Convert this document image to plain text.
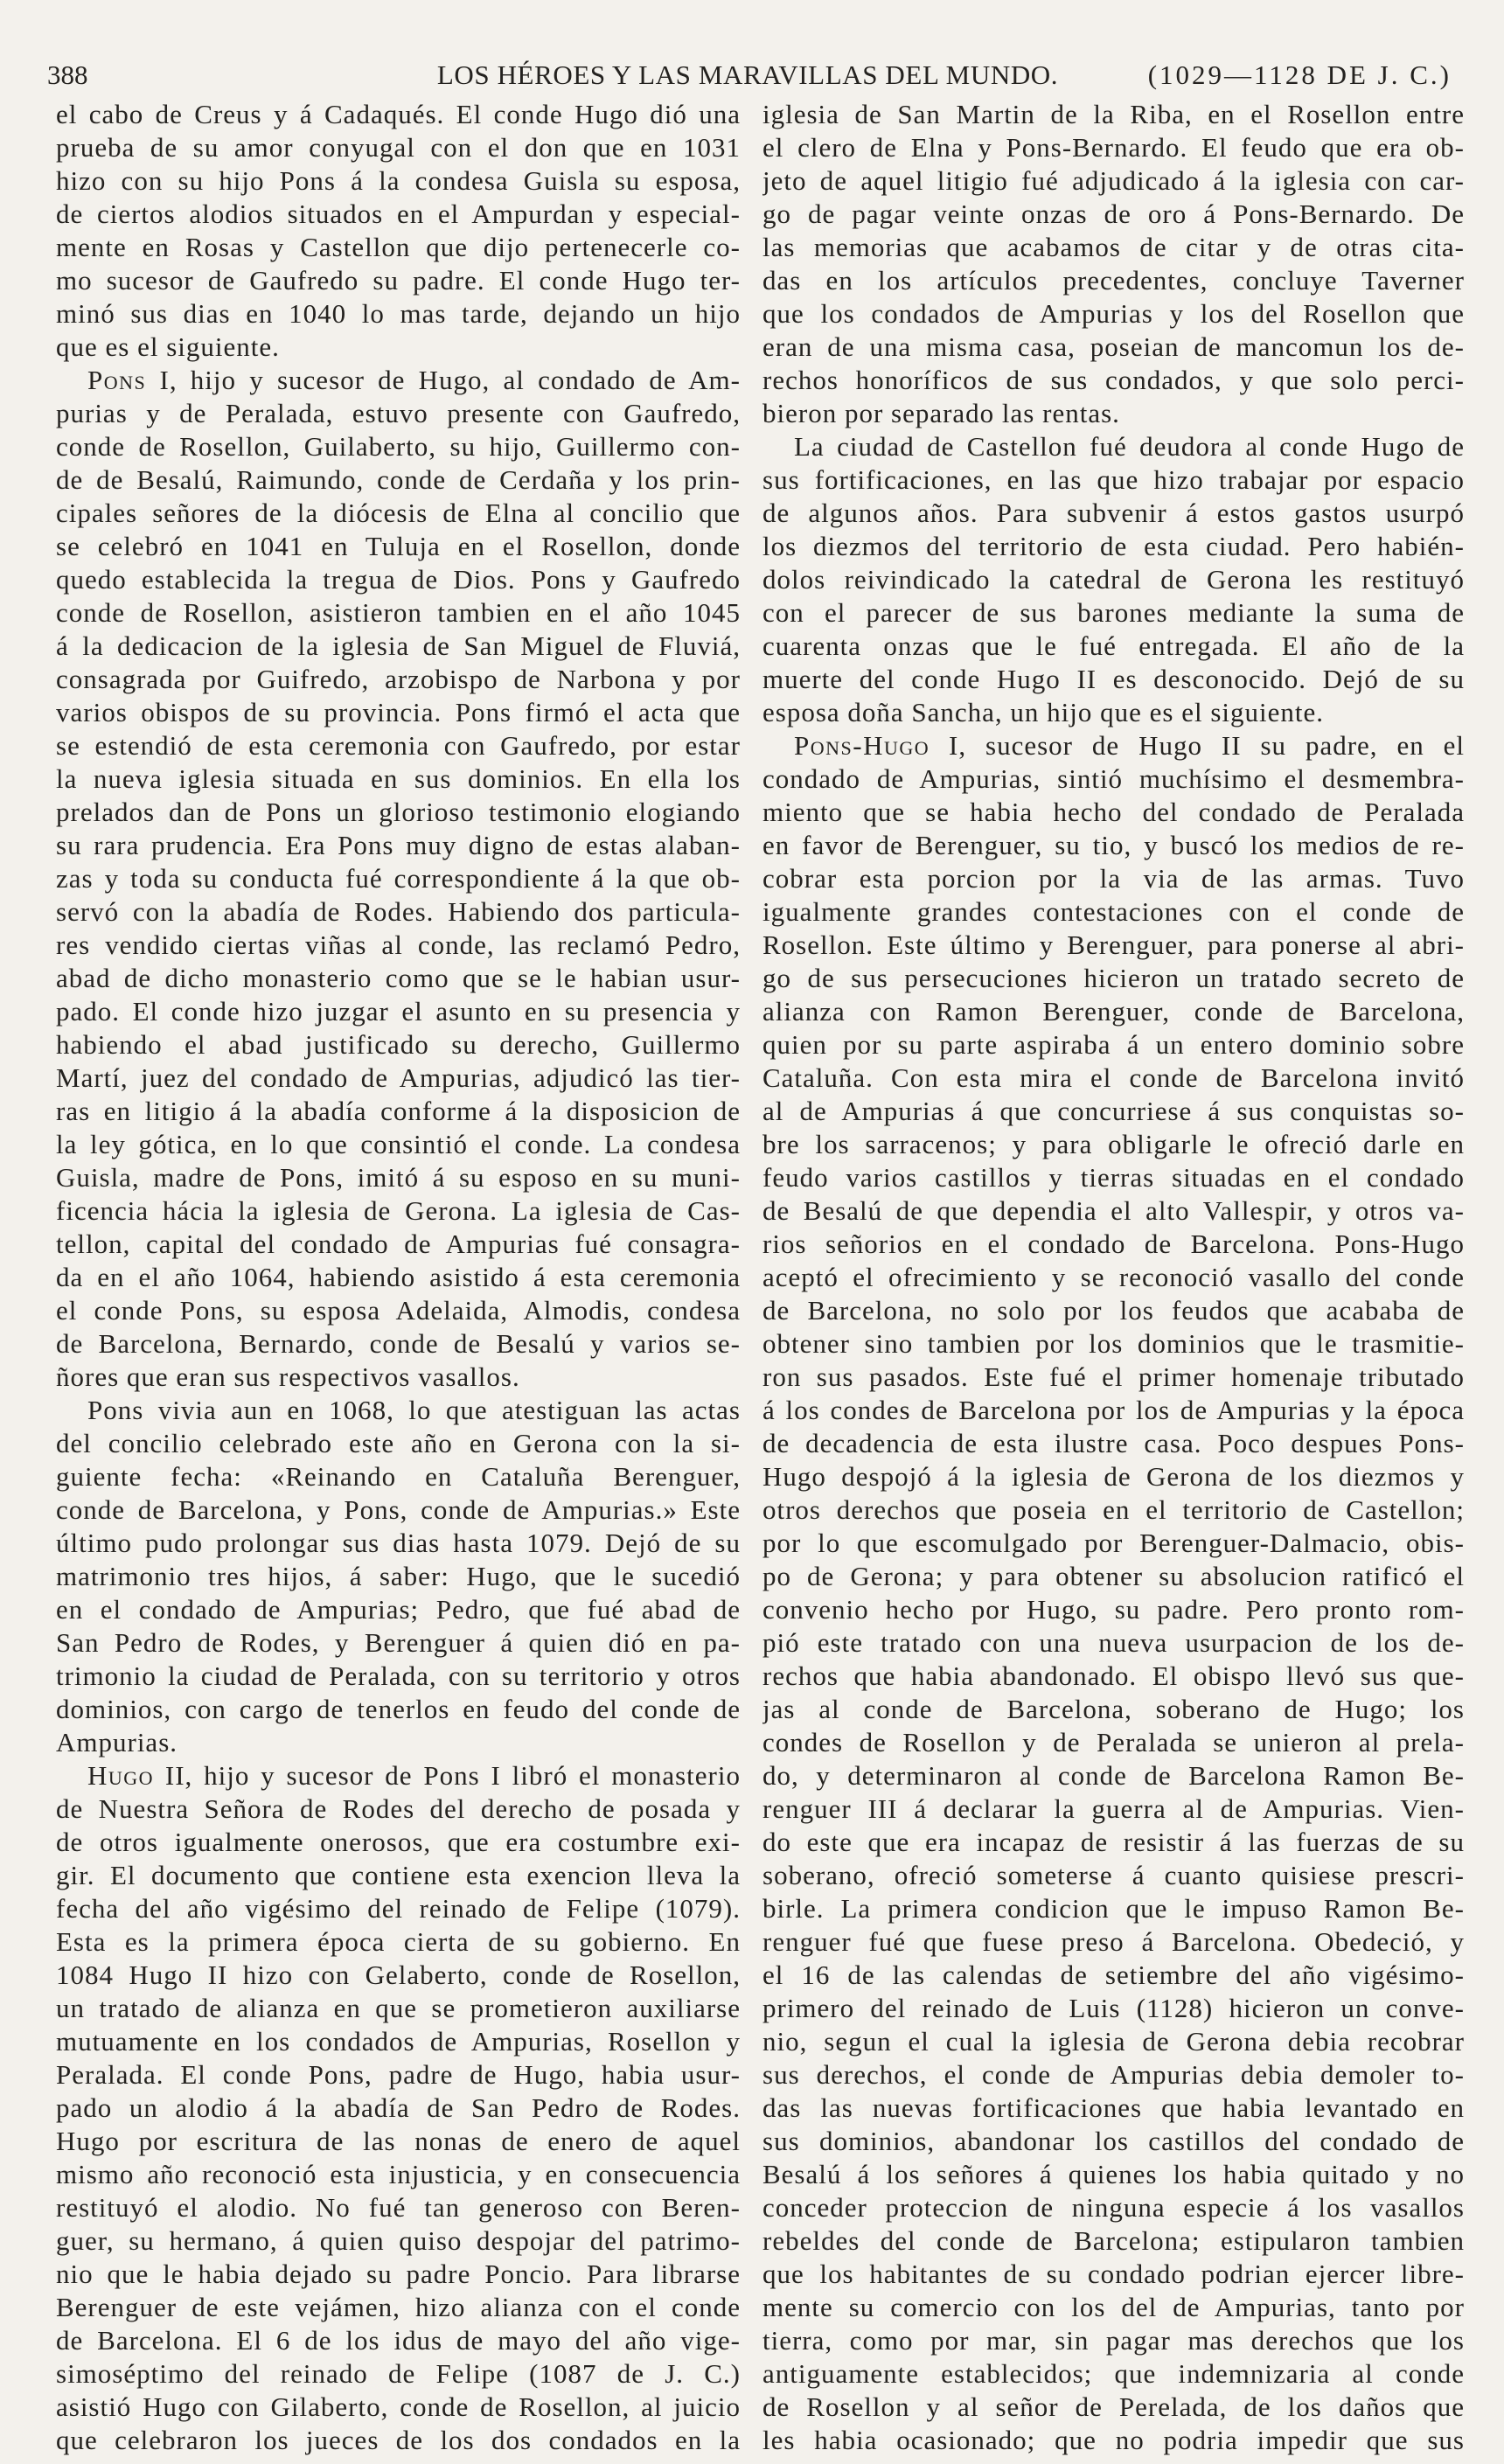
388	LOS HÉROES Y LAS MARAVILLAS DEL MUNDO.	(1029—1128 DE J. C.)
el cabo de Creus y á Cadaqués. El conde Hugo dió una
prueba de su amor conyugal con el don que en 1031
hizo con su hijo Pons á la condesa Guisla su esposa,
de ciertos alodios situados en el Ampurdan y especial-
mente en Rosas y Castellon que dijo pertenecerle co-
mo sucesor de Gaufredo su padre. El conde Hugo ter-
minó sus dias en 1040 lo mas tarde, dejando un hijo
que es el siguiente.
Pons I, hijo y sucesor de Hugo, al condado de Am-
purias y de Peralada, estuvo presente con Gaufredo,
conde de Rosellon, Guilaberto, su hijo, Guillermo con-
de de Besalú, Raimundo, conde de Cerdaña y los prin-
cipales señores de la diócesis de Elna al concilio que
se celebró en 1041 en Tuluja en el Rosellon, donde
quedo establecida la tregua de Dios. Pons y Gaufredo
conde de Rosellon, asistieron tambien en el año 1045
á la dedicacion de la iglesia de San Miguel de Fluviá,
consagrada por Guifredo, arzobispo de Narbona y por
varios obispos de su provincia. Pons firmó el acta que
se estendió de esta ceremonia con Gaufredo, por estar
la nueva iglesia situada en sus dominios. En ella los
prelados dan de Pons un glorioso testimonio elogiando
su rara prudencia. Era Pons muy digno de estas alaban-
zas y toda su conducta fué correspondiente á la que ob-
servó con la abadía de Rodes. Habiendo dos particula-
res vendido ciertas viñas al conde, las reclamó Pedro,
abad de dicho monasterio como que se le habian usur-
pado. El conde hizo juzgar el asunto en su presencia y
habiendo el abad justificado su derecho, Guillermo
Martí, juez del condado de Ampurias, adjudicó las tier-
ras en litigio á la abadía conforme á la disposicion de
la ley gótica, en lo que consintió el conde. La condesa
Guisla, madre de Pons, imitó á su esposo en su muni-
ficencia hácia la iglesia de Gerona. La iglesia de Cas-
tellon, capital del condado de Ampurias fué consagra-
da en el año 1064, habiendo asistido á esta ceremonia
el conde Pons, su esposa Adelaida, Almodis, condesa
de Barcelona, Bernardo, conde de Besalú y varios se-
ñores que eran sus respectivos vasallos.
Pons vivia aun en 1068, lo que atestiguan las actas
del concilio celebrado este año en Gerona con la si-
guiente fecha: «Reinando en Cataluña Berenguer,
conde de Barcelona, y Pons, conde de Ampurias.» Este
último pudo prolongar sus dias hasta 1079. Dejó de su
matrimonio tres hijos, á saber: Hugo, que le sucedió
en el condado de Ampurias; Pedro, que fué abad de
San Pedro de Rodes, y Berenguer á quien dió en pa-
trimonio la ciudad de Peralada, con su territorio y otros
dominios, con cargo de tenerlos en feudo del conde de
Ampurias.
Hugo II, hijo y sucesor de Pons I libró el monasterio
de Nuestra Señora de Rodes del derecho de posada y
de otros igualmente onerosos, que era costumbre exi-
gir. El documento que contiene esta exencion lleva la
fecha del año vigésimo del reinado de Felipe (1079).
Esta es la primera época cierta de su gobierno. En
1084 Hugo II hizo con Gelaberto, conde de Rosellon,
un tratado de alianza en que se prometieron auxiliarse
mutuamente en los condados de Ampurias, Rosellon y
Peralada. El conde Pons, padre de Hugo, habia usur-
pado un alodio á la abadía de San Pedro de Rodes.
Hugo por escritura de las nonas de enero de aquel
mismo año reconoció esta injusticia, y en consecuencia
restituyó el alodio. No fué tan generoso con Beren-
guer, su hermano, á quien quiso despojar del patrimo-
nio que le habia dejado su padre Poncio. Para librarse
Berenguer de este vejámen, hizo alianza con el conde
de Barcelona. El 6 de los idus de mayo del año vige-
simoséptimo del reinado de Felipe (1087 de J. C.)
asistió Hugo con Gilaberto, conde de Rosellon, al juicio
que celebraron los jueces de los dos condados en la
iglesia de San Martin de la Riba, en el Rosellon entre
el clero de Elna y Pons-Bernardo. El feudo que era ob-
jeto de aquel litigio fué adjudicado á la iglesia con car-
go de pagar veinte onzas de oro á Pons-Bernardo. De
las memorias que acabamos de citar y de otras cita-
das en los artículos precedentes, concluye Taverner
que los condados de Ampurias y los del Rosellon que
eran de una misma casa, poseian de mancomun los de-
rechos honoríficos de sus condados, y que solo perci-
bieron por separado las rentas.
La ciudad de Castellon fué deudora al conde Hugo de
sus fortificaciones, en las que hizo trabajar por espacio
de algunos años. Para subvenir á estos gastos usurpó
los diezmos del territorio de esta ciudad. Pero habién-
dolos reivindicado la catedral de Gerona les restituyó
con el parecer de sus barones mediante la suma de
cuarenta onzas que le fué entregada. El año de la
muerte del conde Hugo II es desconocido. Dejó de su
esposa doña Sancha, un hijo que es el siguiente.
Pons-Hugo I, sucesor de Hugo II su padre, en el
condado de Ampurias, sintió muchísimo el desmembra-
miento que se habia hecho del condado de Peralada
en favor de Berenguer, su tio, y buscó los medios de re-
cobrar esta porcion por la via de las armas. Tuvo
igualmente grandes contestaciones con el conde de
Rosellon. Este último y Berenguer, para ponerse al abri-
go de sus persecuciones hicieron un tratado secreto de
alianza con Ramon Berenguer, conde de Barcelona,
quien por su parte aspiraba á un entero dominio sobre
Cataluña. Con esta mira el conde de Barcelona invitó
al de Ampurias á que concurriese á sus conquistas so-
bre los sarracenos; y para obligarle le ofreció darle en
feudo varios castillos y tierras situadas en el condado
de Besalú de que dependia el alto Vallespir, y otros va-
rios señorios en el condado de Barcelona. Pons-Hugo
aceptó el ofrecimiento y se reconoció vasallo del conde
de Barcelona, no solo por los feudos que acababa de
obtener sino tambien por los dominios que le trasmitie-
ron sus pasados. Este fué el primer homenaje tributado
á los condes de Barcelona por los de Ampurias y la época
de decadencia de esta ilustre casa. Poco despues Pons-
Hugo despojó á la iglesia de Gerona de los diezmos y
otros derechos que poseia en el territorio de Castellon;
por lo que escomulgado por Berenguer-Dalmacio, obis-
po de Gerona; y para obtener su absolucion ratificó el
convenio hecho por Hugo, su padre. Pero pronto rom-
pió este tratado con una nueva usurpacion de los de-
rechos que habia abandonado. El obispo llevó sus que-
jas al conde de Barcelona, soberano de Hugo; los
condes de Rosellon y de Peralada se unieron al prela-
do, y determinaron al conde de Barcelona Ramon Be-
renguer III á declarar la guerra al de Ampurias. Vien-
do este que era incapaz de resistir á las fuerzas de su
soberano, ofreció someterse á cuanto quisiese prescri-
birle. La primera condicion que le impuso Ramon Be-
renguer fué que fuese preso á Barcelona. Obedeció, y
el 16 de las calendas de setiembre del año vigésimo-
primero del reinado de Luis (1128) hicieron un conve-
nio, segun el cual la iglesia de Gerona debia recobrar
sus derechos, el conde de Ampurias debia demoler to-
das las nuevas fortificaciones que habia levantado en
sus dominios, abandonar los castillos del condado de
Besalú á los señores á quienes los habia quitado y no
conceder proteccion de ninguna especie á los vasallos
rebeldes del conde de Barcelona; estipularon tambien
que los habitantes de su condado podrian ejercer libre-
mente su comercio con los del de Ampurias, tanto por
tierra, como por mar, sin pagar mas derechos que los
antiguamente establecidos; que indemnizaria al conde
de Rosellon y al señor de Perelada, de los daños que
les habia ocasionado; que no podria impedir que sus
